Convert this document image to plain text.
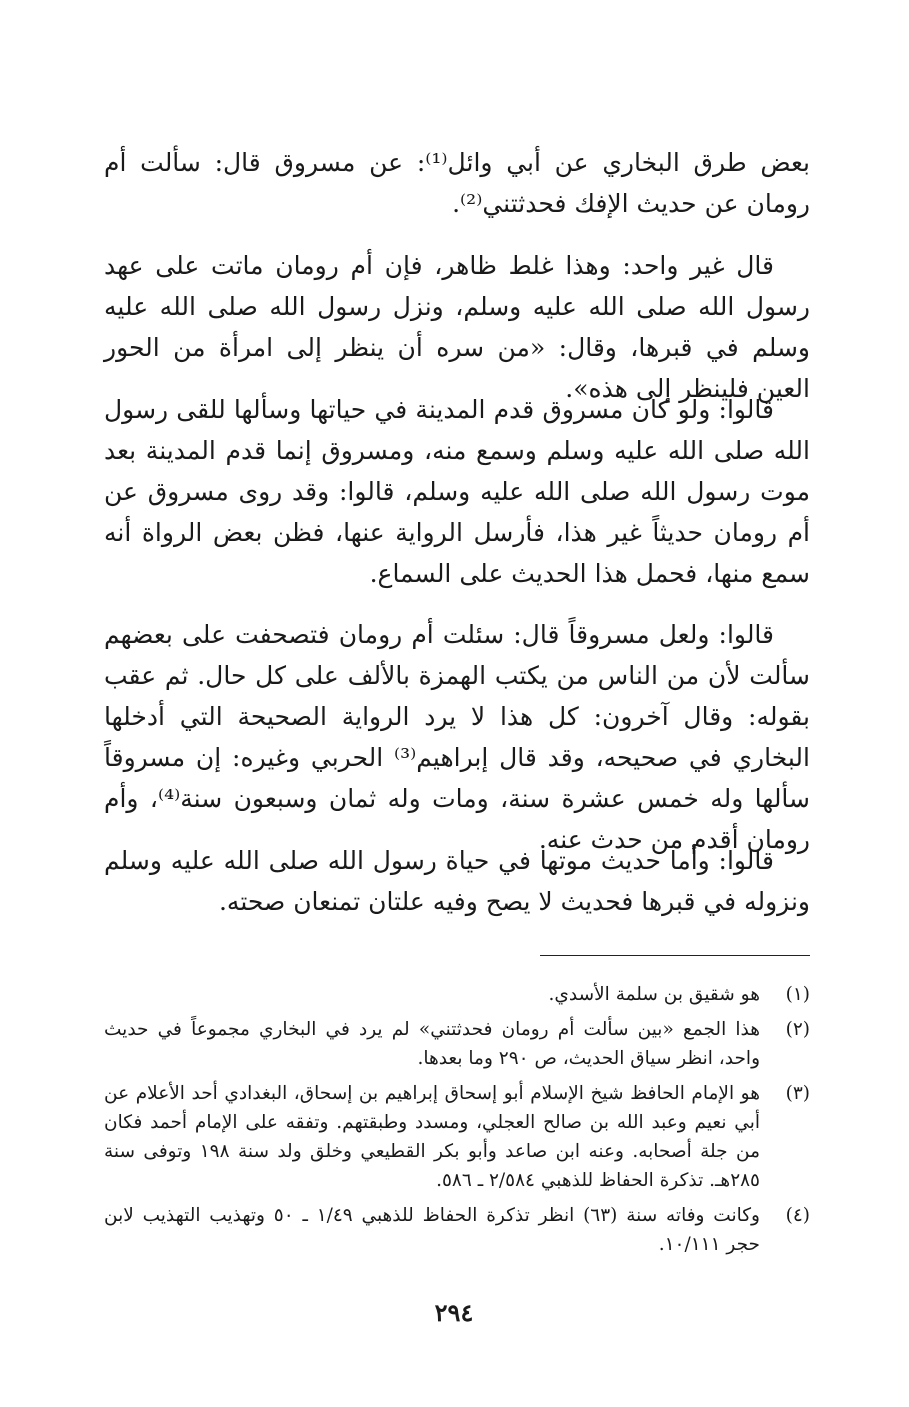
بعض طرق البخاري عن أبي وائل⁽¹⁾: عن مسروق قال: سألت أم رومان عن حديث الإفك فحدثتني⁽²⁾.

قال غير واحد: وهذا غلط ظاهر، فإن أم رومان ماتت على عهد رسول الله صلى الله عليه وسلم، ونزل رسول الله صلى الله عليه وسلم في قبرها، وقال: «من سره أن ينظر إلى امرأة من الحور العين فلينظر إلى هذه».

قالوا: ولو كان مسروق قدم المدينة في حياتها وسألها للقى رسول الله صلى الله عليه وسلم وسمع منه، ومسروق إنما قدم المدينة بعد موت رسول الله صلى الله عليه وسلم، قالوا: وقد روى مسروق عن أم رومان حديثاً غير هذا، فأرسل الرواية عنها، فظن بعض الرواة أنه سمع منها، فحمل هذا الحديث على السماع.

قالوا: ولعل مسروقاً قال: سئلت أم رومان فتصحفت على بعضهم سألت لأن من الناس من يكتب الهمزة بالألف على كل حال. ثم عقب بقوله: وقال آخرون: كل هذا لا يرد الرواية الصحيحة التي أدخلها البخاري في صحيحه، وقد قال إبراهيم⁽³⁾ الحربي وغيره: إن مسروقاً سألها وله خمس عشرة سنة، ومات وله ثمان وسبعون سنة⁽⁴⁾، وأم رومان أقدم من حدث عنه.

قالوا: وأما حديث موتها في حياة رسول الله صلى الله عليه وسلم ونزوله في قبرها فحديث لا يصح وفيه علتان تمنعان صحته.

(١)
هو شقيق بن سلمة الأسدي.
(٢)
هذا الجمع «بين سألت أم رومان فحدثتني» لم يرد في البخاري مجموعاً في حديث واحد، انظر سياق الحديث، ص ٢٩٠ وما بعدها.
(٣)
هو الإمام الحافظ شيخ الإسلام أبو إسحاق إبراهيم بن إسحاق، البغدادي أحد الأعلام عن أبي نعيم وعبد الله بن صالح العجلي، ومسدد وطبقتهم. وتفقه على الإمام أحمد فكان من جلة أصحابه. وعنه ابن صاعد وأبو بكر القطيعي وخلق ولد سنة ١٩٨ وتوفى سنة ٢٨٥هـ. تذكرة الحفاظ للذهبي ٢/٥٨٤ ـ ٥٨٦.
(٤)
وكانت وفاته سنة (٦٣) انظر تذكرة الحفاظ للذهبي ١/٤٩ ـ ٥٠ وتهذيب التهذيب لابن حجر ١٠/١١١.
٢٩٤
